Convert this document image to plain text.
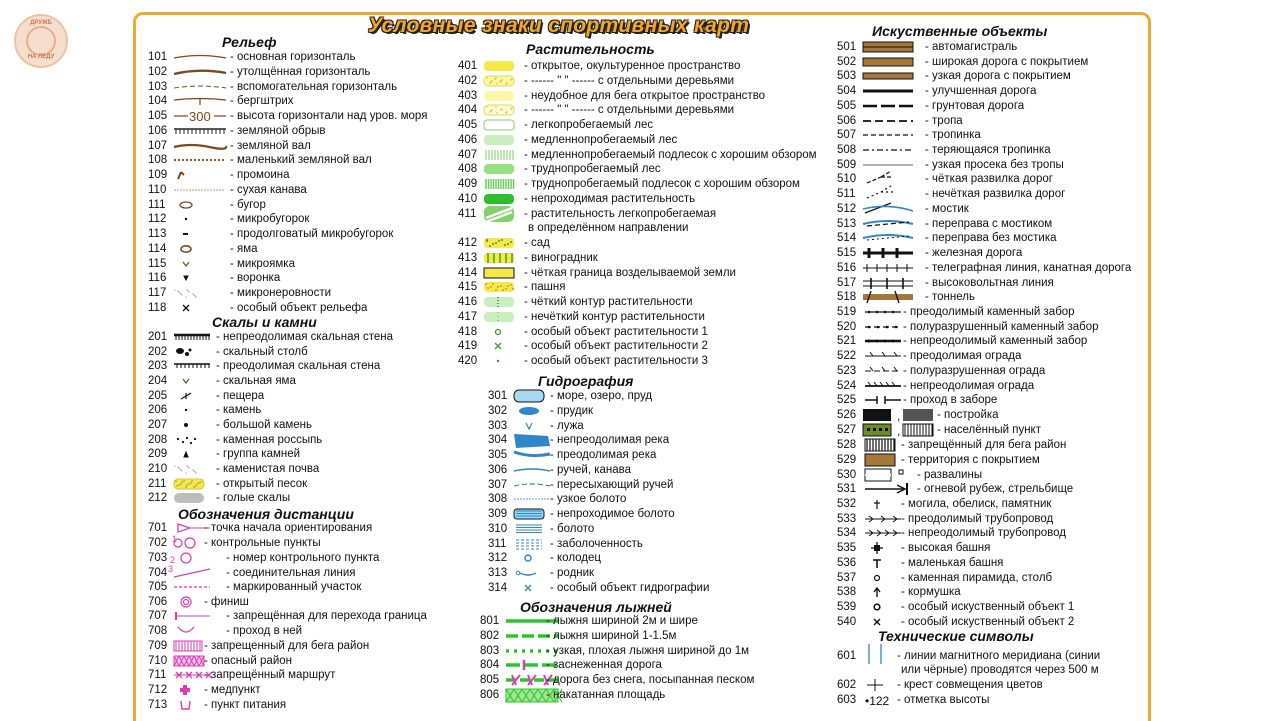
ДРУЖБ
НА ЛЕДУ
Условные знаки спортивных карт
Рельеф
Скалы и камни
Обозначения дистанции
Растительность
Гидрография
Обозначения лыжней
Искуственные объекты
Технические символы
101	- основная горизонталь
102	- утолщённая горизонталь
103	- вспомогательная горизонталь
104	- бергштрих
105	300 - высота горизонтали над уров. моря
106	- земляной обрыв
107	- земляной вал
108	- маленький земляной вал
109	- промоина
110	- сухая канава
111	- бугор
112	- микробугорок
113	- продолговатый микробугорок
114	- яма
115	- микроямка
116	- воронка
117	- микронеровности
118	- особый объект рельефа
201	- непреодолимая скальная стена
202	- скальный столб
203	- преодолимая скальная стена
204	- скальная яма
205	- пещера
206	- камень
207	- большой камень
208	- каменная россыпь
209	- группа камней
210	- каменистая почва
211	- открытый песок
212	- голые скалы
701	- точка начала ориентирования
702 1 - контрольные пункты
703 2	- номер контрольного пункта
704 3	- соединительная линия
705	- маркированный участок
706	- финиш
707	- запрещённая для перехода граница
708	- проход в ней
709	- запрещенный для бега район
710	- опасный район
711	- запрещённый маршрут
712	- медпункт
713	- пункт питания
401	- открытое, окультуренное пространство
402	- ------ " " ------ с отдельными деревьями
403	- неудобное для бега открытое пространство
404	- ------ " " ------ с отдельными деревьями
405	- легкопробегаемый лес
406	- медленнопробегаемый лес
407	- медленнопробегаемый подлесок с хорошим обзором
408	- труднопробегаемый лес
409	- труднопробегаемый подлесок с хорошим обзором
410	- непроходимая растительность
411	- растительность легкопробегаемая
в определённом направлении
412	- сад
413	- виноградник
414	- чёткая граница возделываемой земли
415	- пашня
416	- чёткий контур растительности
417	- нечёткий контур растительности
418	- особый объект растительности 1
419	- особый объект растительности 2
420	- особый объект растительности 3
301	- море, озеро, пруд
302	- прудик
303	- лужа
304	- непреодолимая река
305	- преодолимая река
306	- ручей, канава
307	- пересыхающий ручей
308	- узкое болото
309	- непроходимое болото
310	- болото
311	- заболоченность
312	- колодец
313	- родник
314	- особый объект гидрографии
801	- лыжня шириной 2м и шире
802	- лыжня шириной 1-1.5м
803	- узкая, плохая лыжня шириной до 1м
804	- заснеженная дорога
805	- дорога без снега, посыпанная песком
806	- накатанная площадь
501	- автомагистраль
502	- широкая дорога с покрытием
503	- узкая дорога с покрытием
504	- улучшенная дорога
505	- грунтовая дорога
506	- тропа
507	- тропинка
508	- теряющаяся тропинка
509	- узкая просека без тропы
510	- чёткая развилка дорог
511	- нечёткая развилка дорог
512	- мостик
513	- переправа с мостиком
514	- переправа без мостика
515	- железная дорога
516	- телеграфная линия, канатная дорога
517	- высоковольтная линия
518	- тоннель
519	- преодолимый каменный забор
520	- полуразрушенный каменный забор
521	- непреодолимый каменный забор
522	- преодолимая ограда
523	- полуразрушенная ограда
524	- непреодолимая ограда
525	- проход в заборе
526	,	- постройка
527	,	- населённый пункт
528	- запрещённый для бега район
529	- территория с покрытием
530	- развалины
531	- огневой рубеж, стрельбище
532	- могила, обелиск, памятник
533	- преодолимый трубопровод
534	- непреодолимый трубопровод
535	- высокая башня
536	- маленькая башня
537	- каменная пирамида, столб
538	- кормушка
539	- особый искуственный объект 1
540	- особый искуственный объект 2
601	- линии магнитного меридиана (синии
или чёрные) проводятся через 500 м
602	- крест совмещения цветов
603 •122 - отметка высоты
